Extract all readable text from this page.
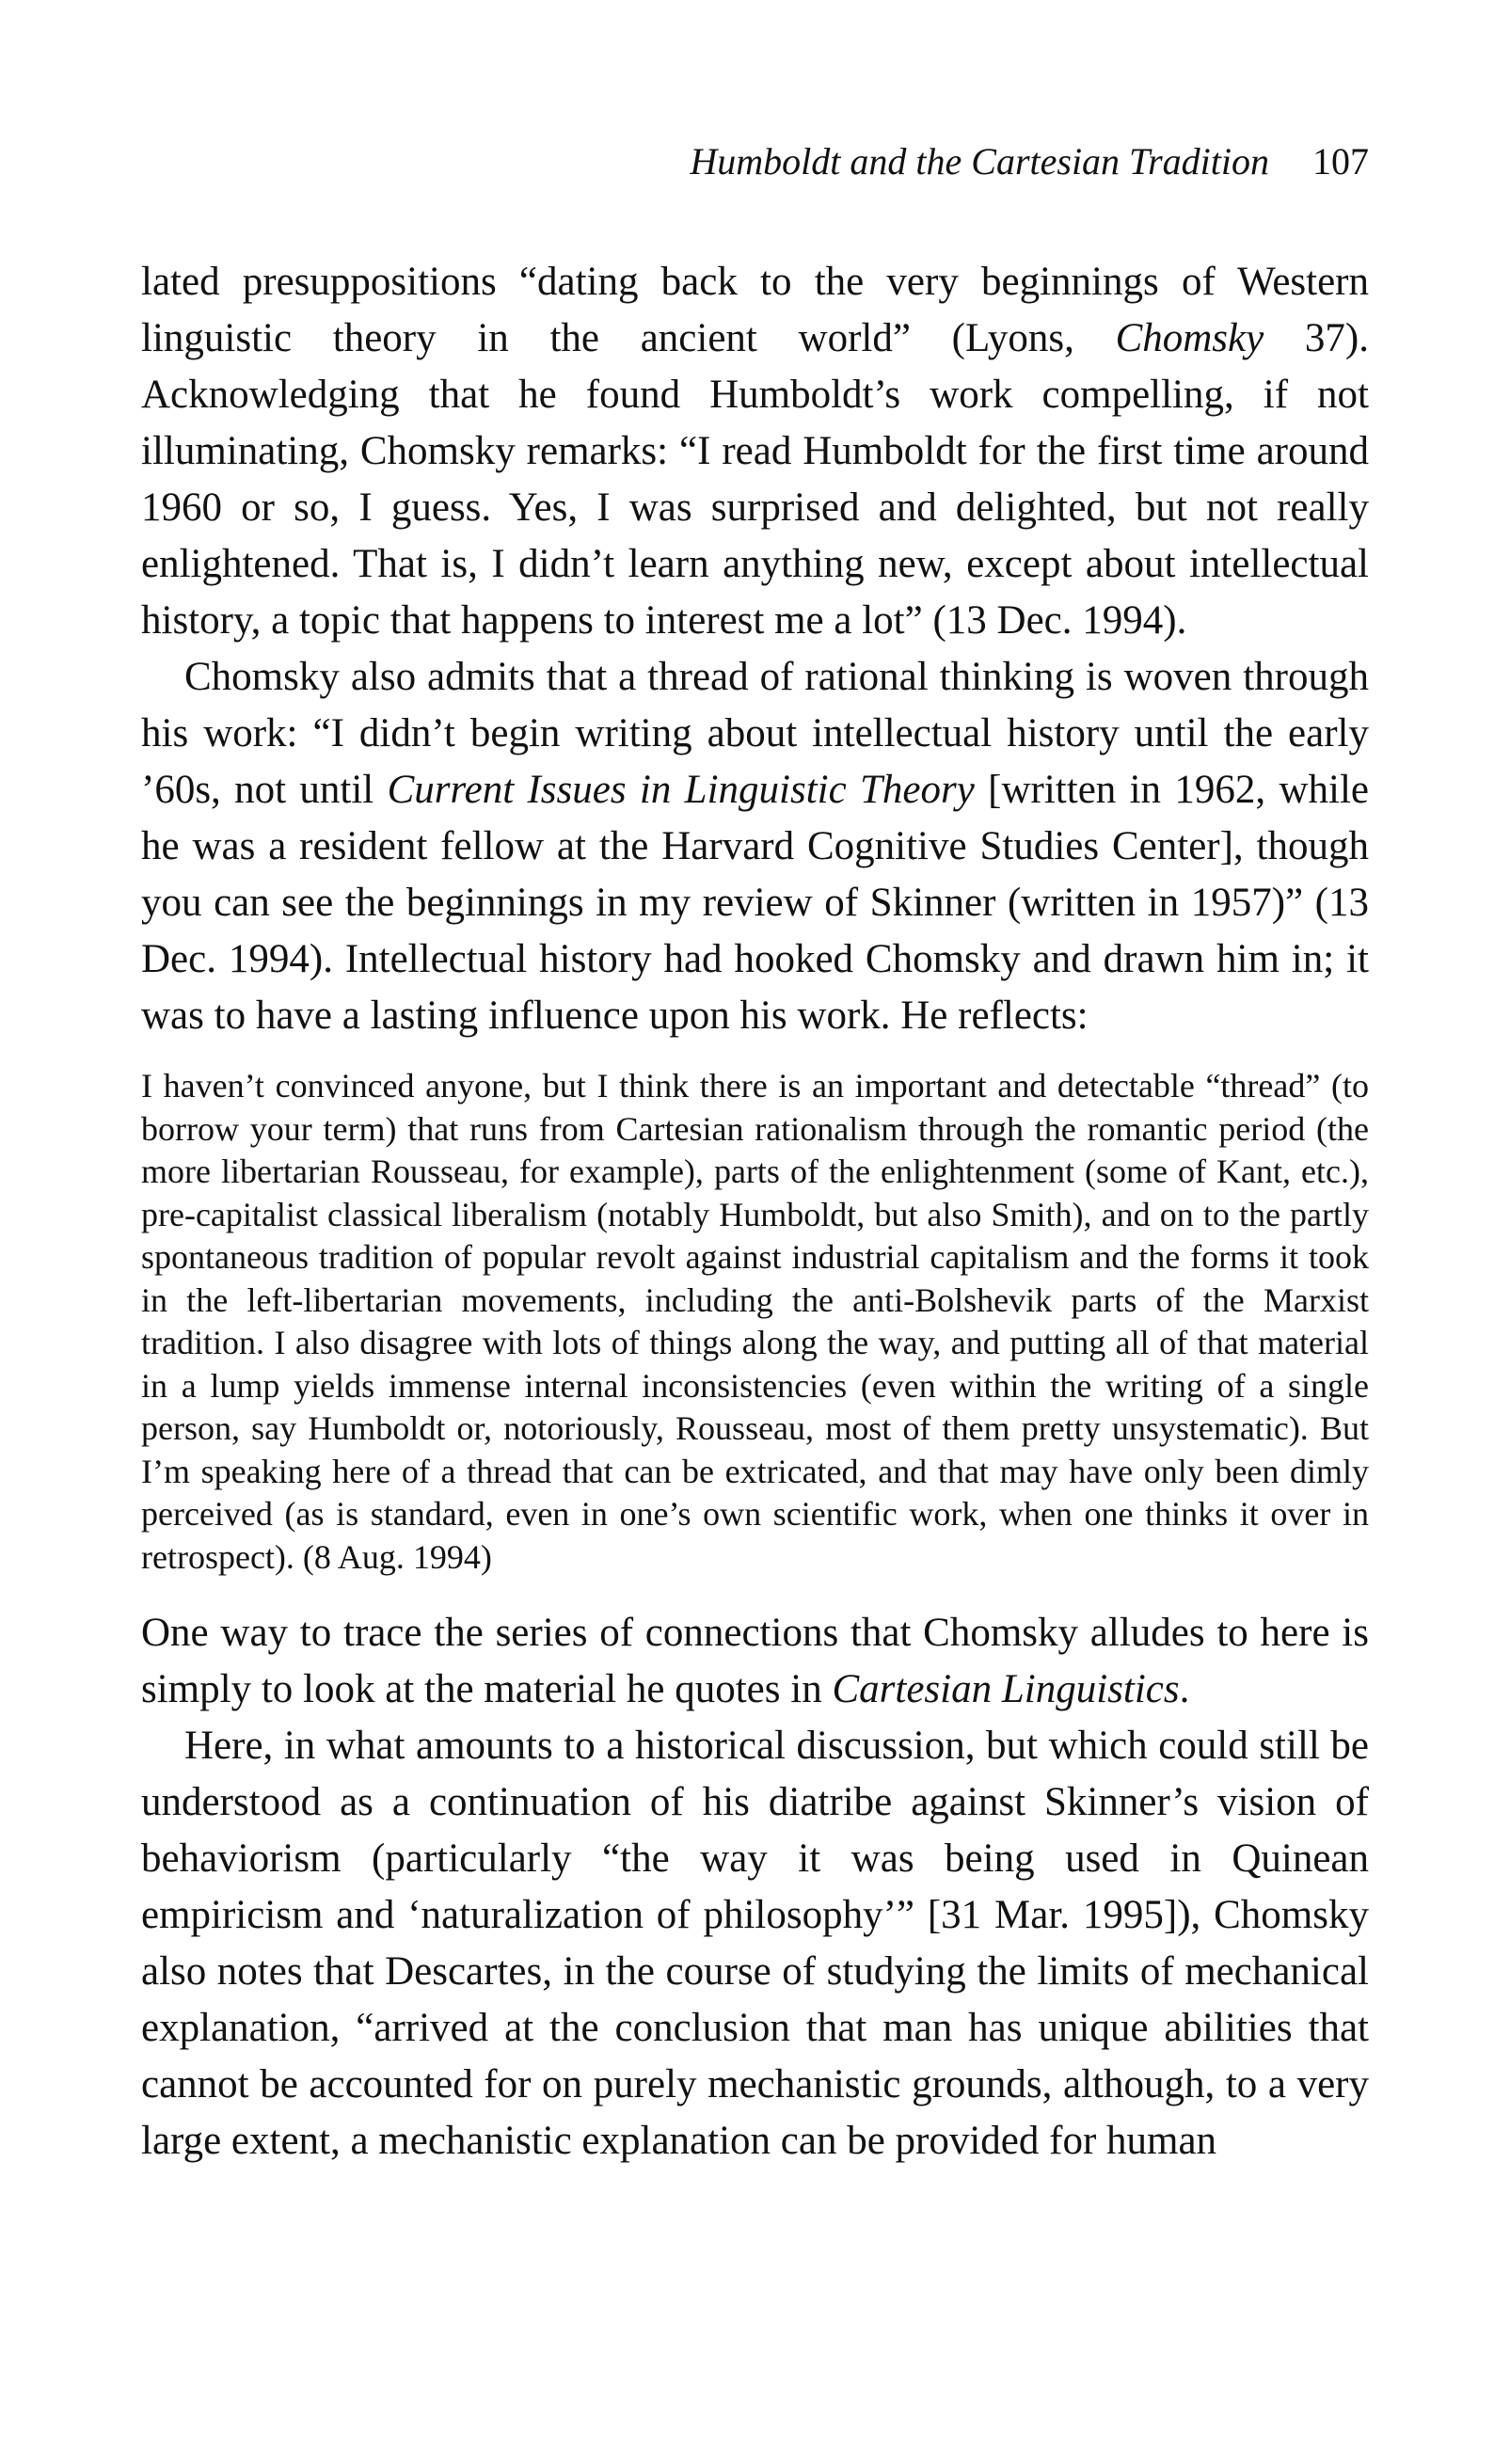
Humboldt and the Cartesian Tradition 107

lated presuppositions “dating back to the very beginnings of Western linguistic theory in the ancient world” (Lyons, Chomsky 37). Acknowledging that he found Humboldt’s work compelling, if not illuminating, Chomsky remarks: “I read Humboldt for the first time around 1960 or so, I guess. Yes, I was surprised and delighted, but not really enlightened. That is, I didn’t learn anything new, except about intellectual history, a topic that happens to interest me a lot” (13 Dec. 1994).

Chomsky also admits that a thread of rational thinking is woven through his work: “I didn’t begin writing about intellectual history until the early ’60s, not until Current Issues in Linguistic Theory [written in 1962, while he was a resident fellow at the Harvard Cognitive Studies Center], though you can see the beginnings in my review of Skinner (written in 1957)” (13 Dec. 1994). Intellectual history had hooked Chomsky and drawn him in; it was to have a lasting influence upon his work. He reflects:

I haven’t convinced anyone, but I think there is an important and detectable “thread” (to borrow your term) that runs from Cartesian rationalism through the romantic period (the more libertarian Rousseau, for example), parts of the enlightenment (some of Kant, etc.), pre-capitalist classical liberalism (notably Humboldt, but also Smith), and on to the partly spontaneous tradition of popular revolt against industrial capitalism and the forms it took in the left-libertarian movements, including the anti-Bolshevik parts of the Marxist tradition. I also disagree with lots of things along the way, and putting all of that material in a lump yields immense internal inconsistencies (even within the writing of a single person, say Humboldt or, notoriously, Rousseau, most of them pretty unsystematic). But I’m speaking here of a thread that can be extricated, and that may have only been dimly perceived (as is standard, even in one’s own scientific work, when one thinks it over in retrospect). (8 Aug. 1994)

One way to trace the series of connections that Chomsky alludes to here is simply to look at the material he quotes in Cartesian Linguistics.

Here, in what amounts to a historical discussion, but which could still be understood as a continuation of his diatribe against Skinner’s vision of behaviorism (particularly “the way it was being used in Quinean empiricism and ‘naturalization of philosophy’” [31 Mar. 1995]), Chomsky also notes that Descartes, in the course of studying the limits of mechanical explanation, “arrived at the conclusion that man has unique abilities that cannot be accounted for on purely mechanistic grounds, although, to a very large extent, a mechanistic explanation can be provided for human
